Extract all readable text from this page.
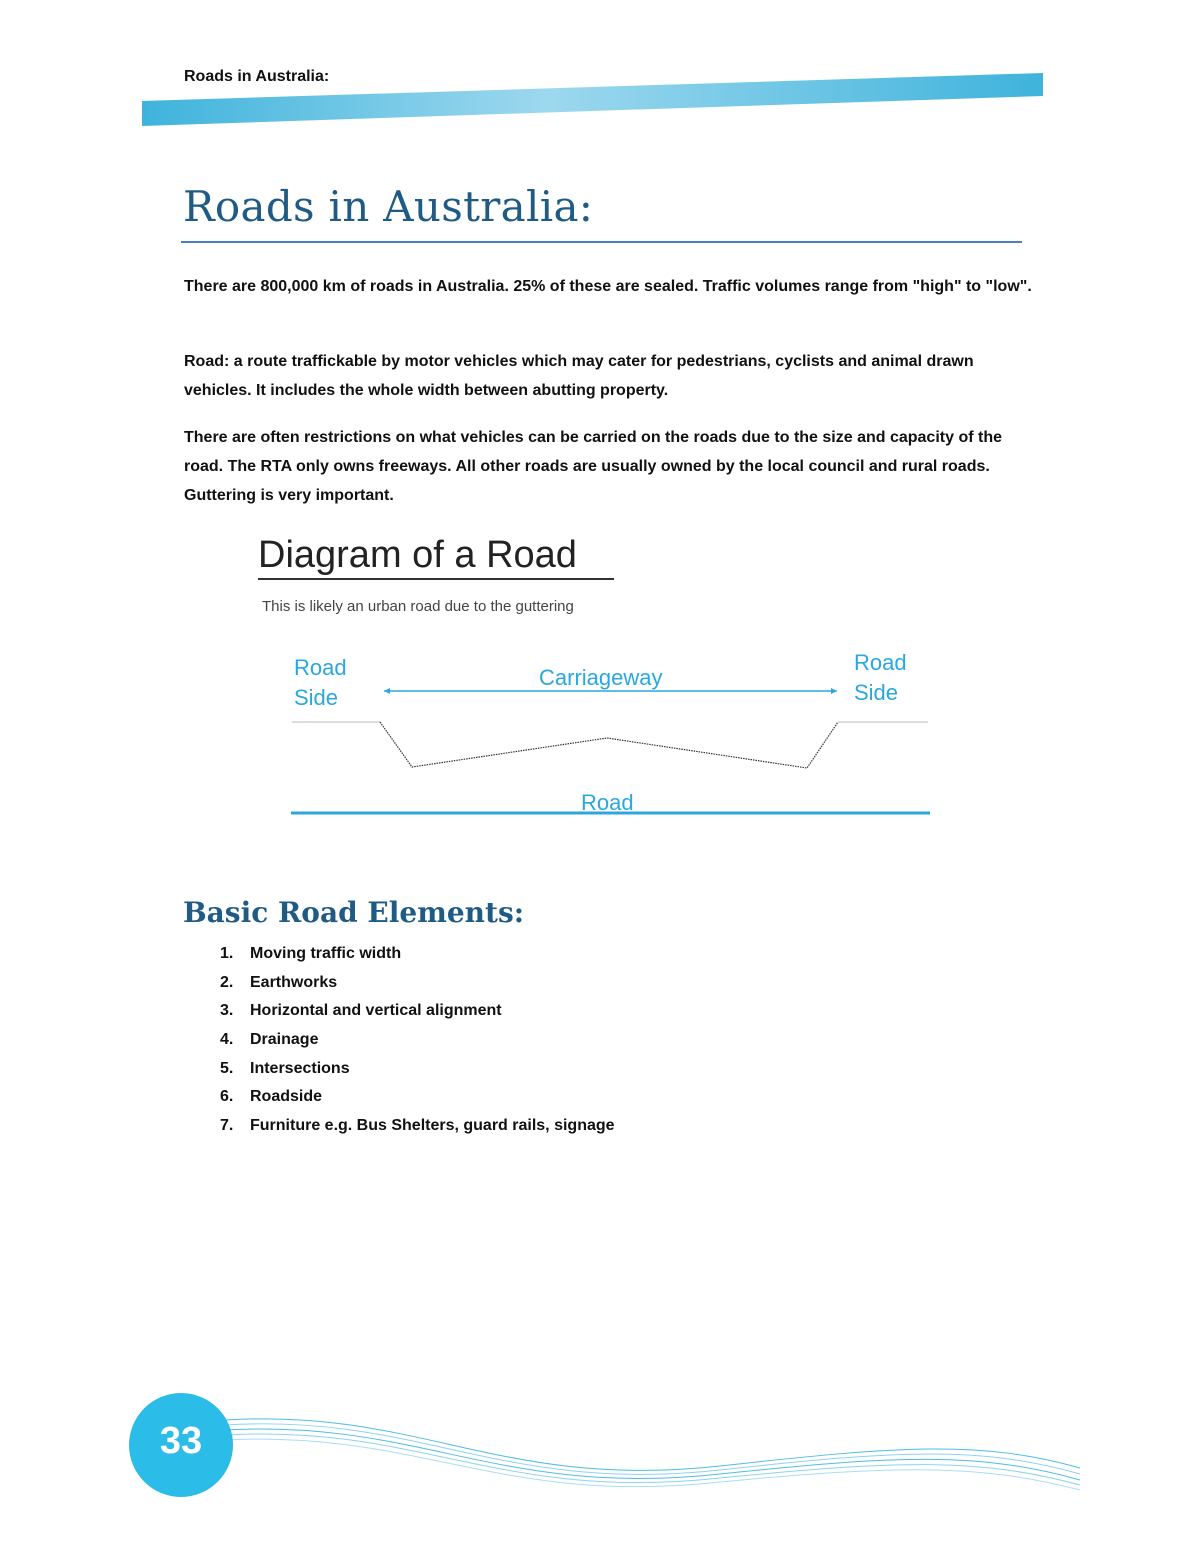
Roads in Australia:
Roads in Australia:

There are 800,000 km of roads in Australia. 25% of these are sealed. Traffic volumes range from "high" to "low".

Road: a route traffickable by motor vehicles which may cater for pedestrians, cyclists and animal drawn vehicles. It includes the whole width between abutting property.

There are often restrictions on what vehicles can be carried on the roads due to the size and capacity of the road. The RTA only owns freeways. All other roads are usually owned by the local council and rural roads. Guttering is very important.

Diagram of a Road
This is likely an urban road due to the guttering
Road
Side
Carriageway
Road
Side
Road
Basic Road Elements:
1. Moving traffic width
2. Earthworks
3. Horizontal and vertical alignment
4. Drainage
5. Intersections
6. Roadside
7. Furniture e.g. Bus Shelters, guard rails, signage
33
